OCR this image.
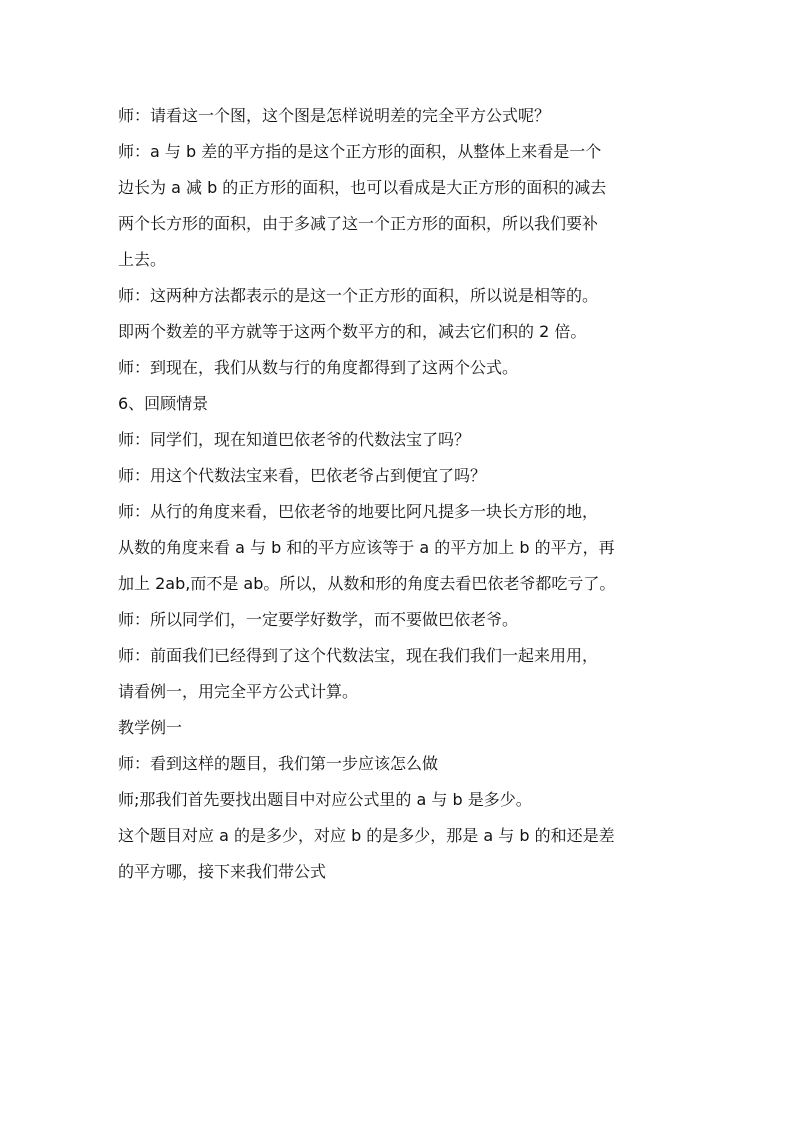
师：请看这一个图，这个图是怎样说明差的完全平方公式呢？
师：a 与 b 差的平方指的是这个正方形的面积，从整体上来看是一个
边长为 a 减 b 的正方形的面积，也可以看成是大正方形的面积的减去
两个长方形的面积，由于多减了这一个正方形的面积，所以我们要补
上去。
师：这两种方法都表示的是这一个正方形的面积，所以说是相等的。
即两个数差的平方就等于这两个数平方的和，减去它们积的 2 倍。
师：到现在，我们从数与行的角度都得到了这两个公式。
6、回顾情景
师：同学们，现在知道巴依老爷的代数法宝了吗？
师：用这个代数法宝来看，巴依老爷占到便宜了吗？
师：从行的角度来看，巴依老爷的地要比阿凡提多一块长方形的地，
从数的角度来看 a 与 b 和的平方应该等于 a 的平方加上 b 的平方，再
加上 2ab,而不是 ab。所以，从数和形的角度去看巴依老爷都吃亏了。
师：所以同学们，一定要学好数学，而不要做巴依老爷。
师：前面我们已经得到了这个代数法宝，现在我们我们一起来用用，
请看例一，用完全平方公式计算。
教学例一
师：看到这样的题目，我们第一步应该怎么做
师;那我们首先要找出题目中对应公式里的 a 与 b 是多少。
这个题目对应 a 的是多少，对应 b 的是多少，那是 a 与 b 的和还是差
的平方哪，接下来我们带公式
